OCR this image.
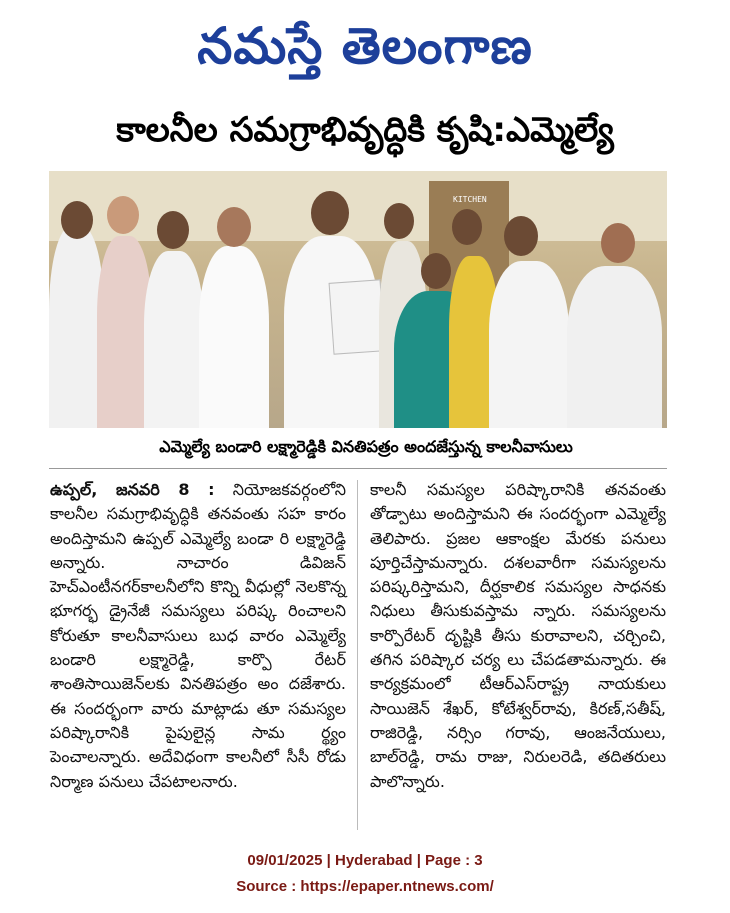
నమస్తే తెలంగాణ
కాలనీల సమగ్రాభివృద్ధికి కృషి:ఎమ్మెల్యే
KITCHEN
ఎమ్మెల్యే బండారి లక్ష్మారెడ్డికి వినతిపత్రం అందజేస్తున్న కాలనీవాసులు

ఉప్పల్, జనవరి 8 : నియోజకవర్గంలోని కాలనీల సమగ్రాభివృద్ధికి తనవంతు సహ కారం అందిస్తామని ఉప్పల్ ఎమ్మెల్యే బండా రి లక్ష్మారెడ్డి అన్నారు. నాచారం డివిజన్ హెచ్ఎంటీనగర్‌కాలనీలోని కొన్ని వీధుల్లో నెలకొన్న భూగర్భ డ్రైనేజీ సమస్యలు పరిష్క రించాలని కోరుతూ కాలనీవాసులు బుధ వారం ఎమ్మెల్యే బండారి లక్ష్మారెడ్డి, కార్పొ రేటర్ శాంతిసాయిజెన్‌లకు వినతిపత్రం అం దజేశారు. ఈ సందర్భంగా వారు మాట్లాడు తూ సమస్యల పరిష్కారానికి పైపులైన్ల సామ ర్థ్యం పెంచాలన్నారు. అదేవిధంగా కాలనీలో సీసీ రోడు నిర్మాణ పనులు చేపటాలనారు.

కాలనీ సమస్యల పరిష్కారానికి తనవంతు తోడ్పాటు అందిస్తామని ఈ సందర్భంగా ఎమ్మెల్యే తెలిపారు. ప్రజల ఆకాంక్షల మేరకు పనులు పూర్తిచేస్తామన్నారు. దశలవారీగా సమస్యలను పరిష్కరిస్తామని, దీర్ఘకాలిక సమస్యల సాధనకు నిధులు తీసుకువస్తామ న్నారు. సమస్యలను కార్పొరేటర్ దృష్టికి తీసు కురావాలని, చర్చించి, తగిన పరిష్కార చర్య లు చేపడతామన్నారు. ఈ కార్యక్రమంలో టీఆర్ఎస్‌రాష్ట్ర నాయకులు సాయిజెన్ శేఖర్, కోటేశ్వర్‌రావు, కిరణ్,సతీష్, రాజిరెడ్డి, నర్సిం గరావు, ఆంజనేయులు, బాల్‌రెడ్డి, రామ రాజు, నిరులరెడి, తదితరులు పాలొన్నారు.

09/01/2025 | Hyderabad | Page : 3
Source : https://epaper.ntnews.com/
